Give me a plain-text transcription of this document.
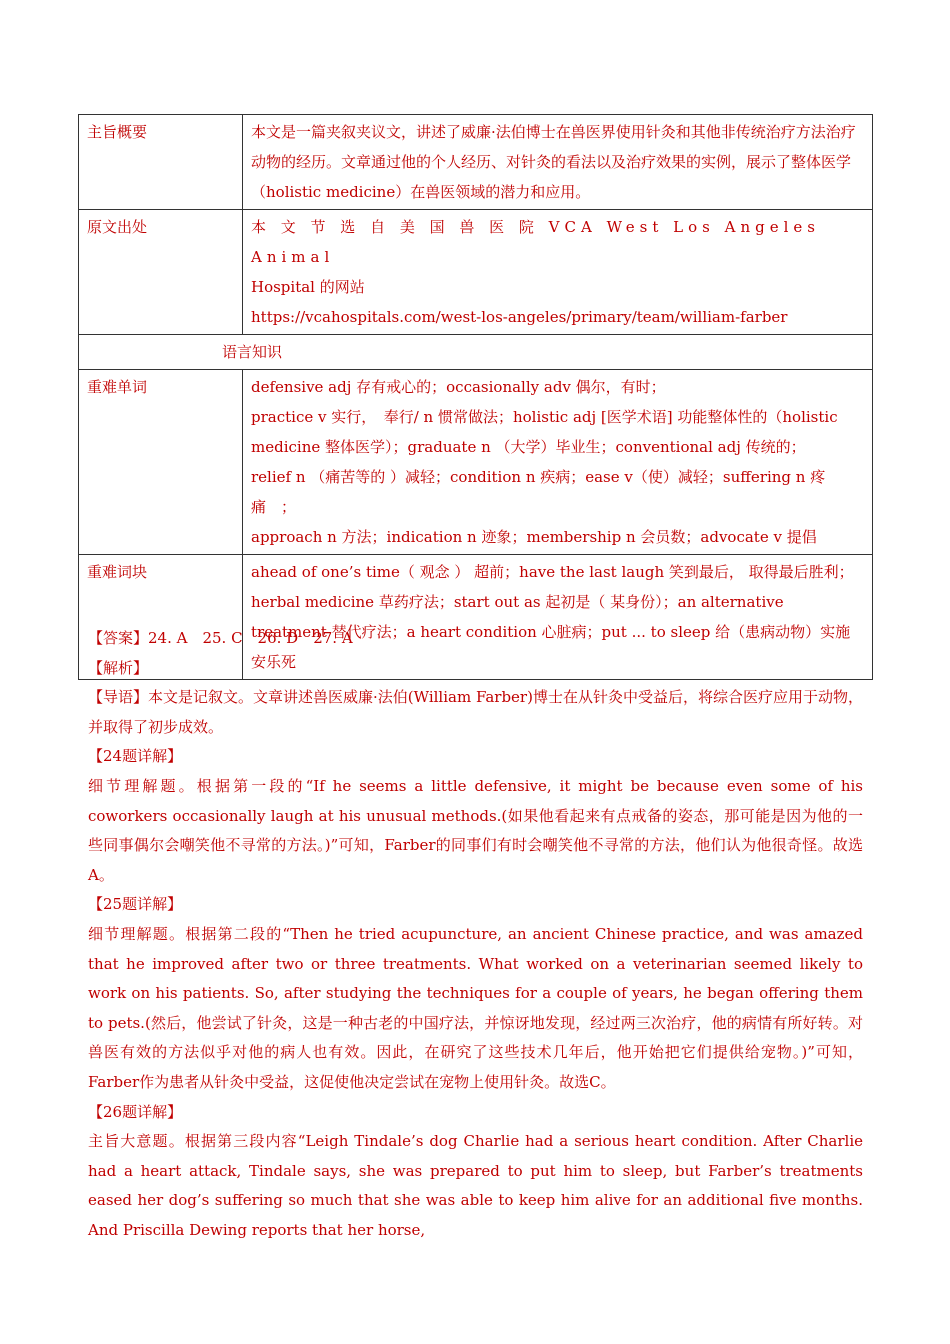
主旨概要	本文是一篇夹叙夹议文，讲述了威廉·法伯博士在兽医界使用针灸和其他非传统治疗方法治疗动物的经历。文章通过他的个人经历、对针灸的看法以及治疗效果的实例，展示了整体医学（holistic medicine）在兽医领域的潜力和应用。
原文出处	本 文 节 选 自 美 国 兽 医 院 VCA West Los Angeles Animal
Hospital 的网站
https://vcahospitals.com/west-los-angeles/primary/team/william-farber

语言知识	
重难单词	defensive adj 存有戒心的；occasionally adv 偶尔，有时；
practice v 实行，　奉行/ n 惯常做法；holistic adj [医学术语] 功能整体性的（holistic medicine 整体医学）；graduate n （大学）毕业生；conventional adj 传统的；
relief n （痛苦等的 ）减轻；condition n 疾病；ease v（使）减轻；suffering n 疼痛　；
approach n 方法；indication n 迹象；membership n 会员数；advocate v 提倡

重难词块	ahead of one’s time（ 观念 ） 超前；have the last laugh 笑到最后， 取得最后胜利；herbal medicine 草药疗法；start out as 起初是（ 某身份）；an alternative treatment 替代疗法；a heart condition 心脏病；put ... to sleep 给（患病动物）实施安乐死

【答案】24. A　25. C　26. D　27. A

【解析】

【导语】本文是记叙文。文章讲述兽医威廉·法伯(William Farber)博士在从针灸中受益后，将综合医疗应用于动物，并取得了初步成效。

【24题详解】

细节理解题。根据第一段的“If he seems a little defensive, it might be because even some of his coworkers occasionally laugh at his unusual methods.(如果他看起来有点戒备的姿态，那可能是因为他的一些同事偶尔会嘲笑他不寻常的方法。)”可知，Farber的同事们有时会嘲笑他不寻常的方法，他们认为他很奇怪。故选A。

【25题详解】

细节理解题。根据第二段的“Then he tried acupuncture, an ancient Chinese practice, and was amazed that he improved after two or three treatments. What worked on a veterinarian seemed likely to work on his patients. So, after studying the techniques for a couple of years, he began offering them to pets.(然后，他尝试了针灸，这是一种古老的中国疗法，并惊讶地发现，经过两三次治疗，他的病情有所好转。对兽医有效的方法似乎对他的病人也有效。因此，在研究了这些技术几年后，他开始把它们提供给宠物。)”可知，Farber作为患者从针灸中受益，这促使他决定尝试在宠物上使用针灸。故选C。

【26题详解】

主旨大意题。根据第三段内容“Leigh Tindale’s dog Charlie had a serious heart condition. After Charlie had a heart attack, Tindale says, she was prepared to put him to sleep, but Farber’s treatments eased her dog’s suffering so much that she was able to keep him alive for an additional five months. And Priscilla Dewing reports that her horse,
